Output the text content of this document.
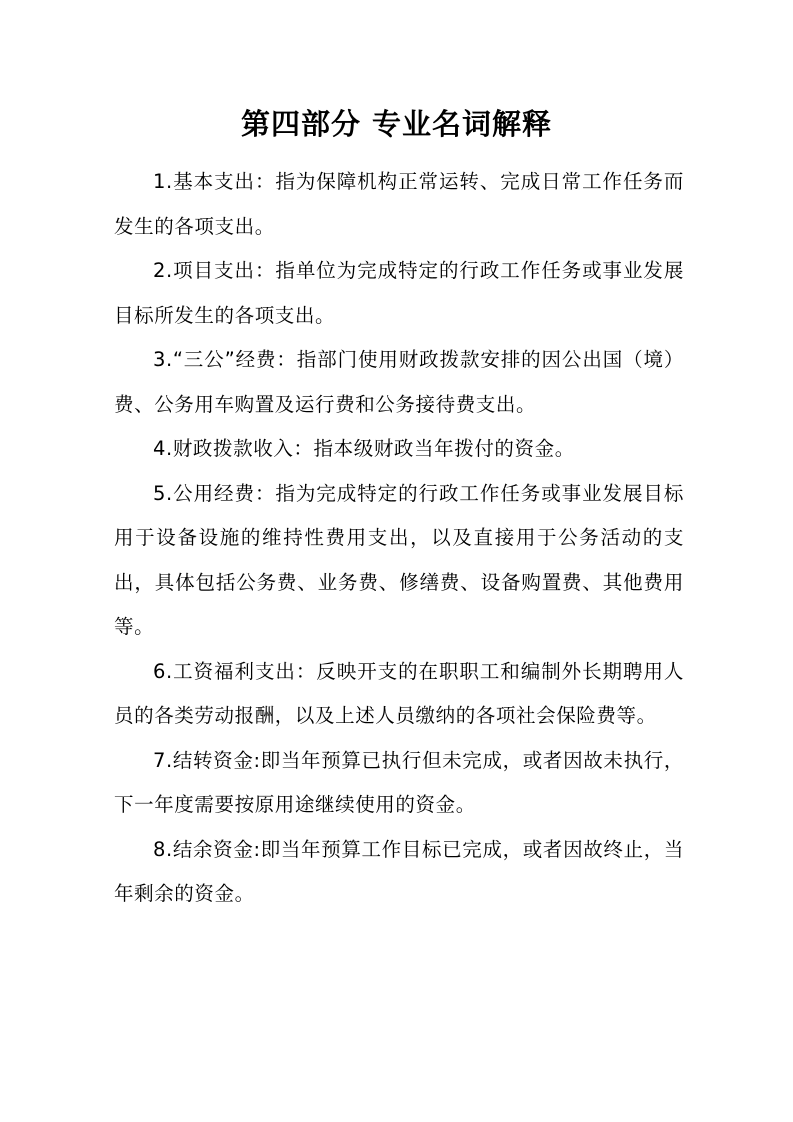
第四部分 专业名词解释

1.基本支出：指为保障机构正常运转、完成日常工作任务而发生的各项支出。

2.项目支出：指单位为完成特定的行政工作任务或事业发展目标所发生的各项支出。

3.“三公”经费：指部门使用财政拨款安排的因公出国（境）费、公务用车购置及运行费和公务接待费支出。

4.财政拨款收入：指本级财政当年拨付的资金。

5.公用经费：指为完成特定的行政工作任务或事业发展目标用于设备设施的维持性费用支出，以及直接用于公务活动的支出，具体包括公务费、业务费、修缮费、设备购置费、其他费用等。

6.工资福利支出：反映开支的在职职工和编制外长期聘用人员的各类劳动报酬，以及上述人员缴纳的各项社会保险费等。

7.结转资金:即当年预算已执行但未完成，或者因故未执行，下一年度需要按原用途继续使用的资金。

8.结余资金:即当年预算工作目标已完成，或者因故终止，当年剩余的资金。
